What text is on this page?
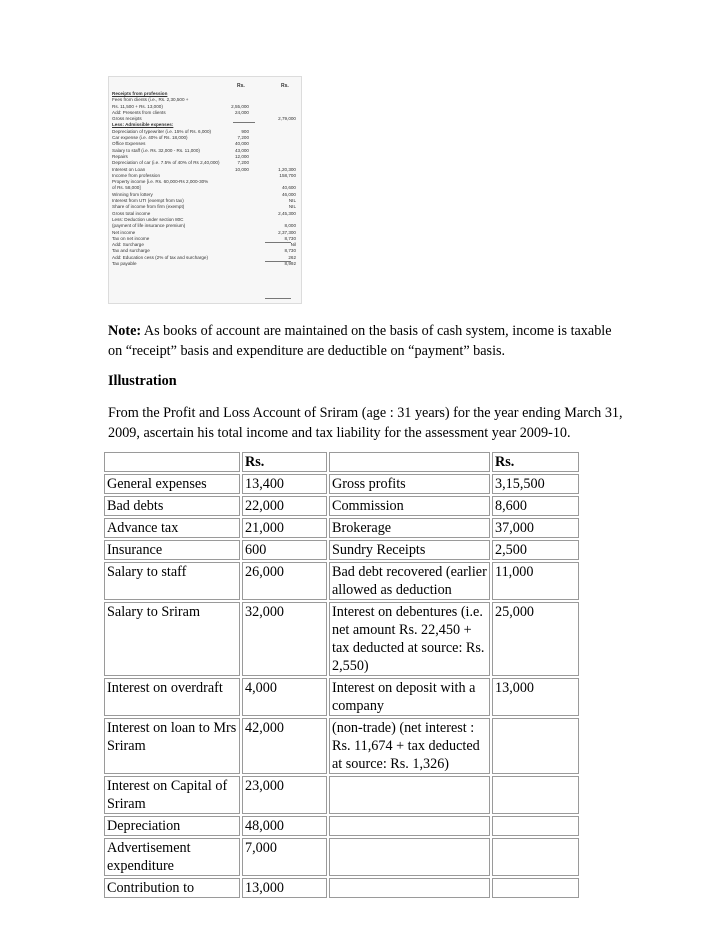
Rs.	Rs.
Receipts from profession
Fees from clients (i.e., Rs. 2,30,500 +
Rs. 11,500 + Rs. 13,000)	2,55,000
Add: Presents from clients	24,000
Gross receipts	2,79,000
Less: Admissible expenses:
Depreciation of typewriter (i.e. 15% of Rs. 6,000)	900
Car expense (i.e. 40% of Rs. 18,000)	7,200
Office Expenses	40,000
Salary to staff (i.e. Rs. 32,000 - Rs. 11,000)	43,000
Repairs	12,000
Depreciation of car (i.e. 7.5% of 40% of Rs 2,40,000)	7,200
Interest on Loan	10,000	1,20,300
Income from profession	158,700
Property income [i.e. Rs. 60,000-Rs 2,000-30%
of Rs. 58,000]	40,600
Winning from lottery	46,000
Interest from UTI (exempt from tax)	NIL
Share of income from firm (exempt)	NIL
Gross total income	2,45,300
Less: Deduction under section 80C
(payment of life insurance premium)	8,000
Net income	2,37,300
Tax on net income	8,730
Add: Surcharge	Nil
Tax and surcharge	8,730
Add: Education cess (2% of tax and surcharge)	262
Tax payable	8,992
Note: As books of account are maintained on the basis of cash system, income is taxable on “receipt” basis and expenditure are deductible on “payment” basis.
Illustration
From the Profit and Loss Account of Sriram (age : 31 years) for the year ending March 31, 2009, ascertain his total income and tax liability for the assessment year 2009-10.
	Rs.		Rs.
General expenses	13,400	Gross profits	3,15,500
Bad debts	22,000	Commission	8,600
Advance tax	21,000	Brokerage	37,000
Insurance	600	Sundry Receipts	2,500
Salary to staff	26,000	Bad debt recovered (earlier allowed as deduction	11,000
Salary to Sriram	32,000	Interest on debentures (i.e. net amount Rs. 22,450 + tax deducted at source: Rs. 2,550)	25,000
Interest on overdraft	4,000	Interest on deposit with a company	13,000
Interest on loan to Mrs Sriram	42,000	(non-trade) (net interest : Rs. 11,674 + tax deducted at source: Rs. 1,326)	
Interest on Capital of Sriram	23,000		
Depreciation	48,000		
Advertisement expenditure	7,000		
Contribution to	13,000		
